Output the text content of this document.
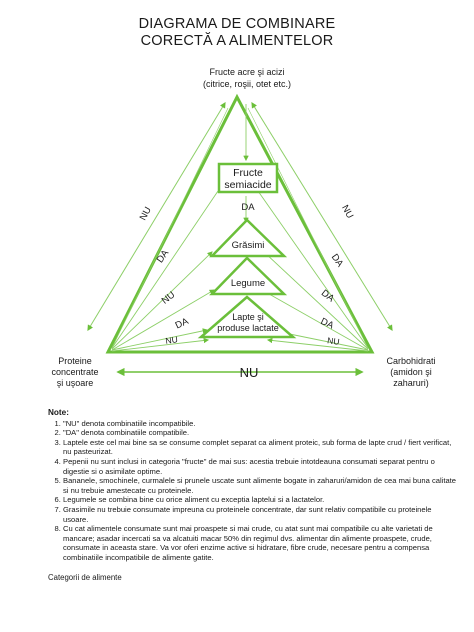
DIAGRAMA DE COMBINARE
CORECTĂ A ALIMENTELOR
Fructe
semiacide
DA
Grăsimi
Legume
Lapte şi
produse lactate
Fructe acre şi acizi
(citrice, roşii, otet etc.)
Proteine
concentrate
şi uşoare
Carbohidrati
(amidon şi
zaharuri)
NU
NU
DA
NU
DA
NU
NU
DA
DA
DA
NU
Note:
1. "NU" denota combinatiile incompatibile.
2. "DA" denota combinatiile compatibile.
3. Laptele este cel mai bine sa se consume complet separat ca aliment proteic, sub forma de lapte crud / fiert verificat, nu pasteurizat.
4. Pepenii nu sunt inclusi in categoria "fructe" de mai sus: acestia trebuie intotdeauna consumati separat pentru o digestie si o asimilate optime.
5. Bananele, smochinele, curmalele si prunele uscate sunt alimente bogate in zaharuri/amidon de cea mai buna calitate si nu trebuie amestecate cu proteinele.
6. Legumele se combina bine cu orice aliment cu exceptia laptelui si a lactatelor.
7. Grasimile nu trebuie consumate impreuna cu proteinele concentrate, dar sunt relativ compatibile cu proteinele usoare.
8. Cu cat alimentele consumate sunt mai proaspete si mai crude, cu atat sunt mai compatibile cu alte varietati de mancare; asadar incercati sa va alcatuiti macar 50% din regimul dvs. alimentar din alimente proaspete, crude, consumate in aceasta stare. Va vor oferi enzime active si hidratare, fibre crude, necesare pentru a compensa combinatiile incompatibile de alimente gatite.
Categorii de alimente
